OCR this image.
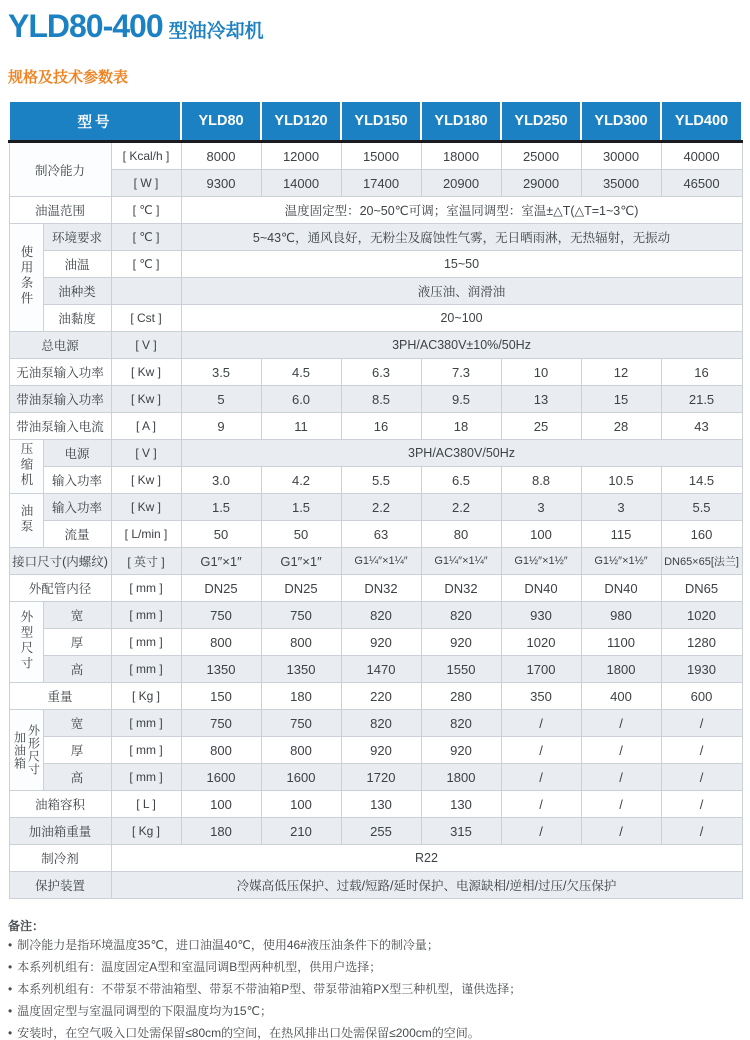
YLD80-400 型油冷却机
规格及技术参数表
型号			YLD80	YLD120	YLD150	YLD180	YLD250	YLD300	YLD400
制冷能力		[ Kcal/h ]	8000	12000	15000	18000	25000	30000	40000
		[ W ]	9300	14000	17400	20900	29000	35000	46500
油温范围		[ ℃ ]	温度固定型：20~50℃可调；室温同调型：室温±△T(△T=1~3℃)						
使用条件	环境要求	[ ℃ ]	5~43℃，通风良好，无粉尘及腐蚀性气雾，无日晒雨淋，无热辐射，无振动						
	油温	[ ℃ ]	15~50						
	油种类		液压油、润滑油						
	油黏度	[ Cst ]	20~100						
总电源		[ V ]	3PH/AC380V±10%/50Hz						
无油泵输入功率		[ Kw ]	3.5	4.5	6.3	7.3	10	12	16
带油泵输入功率		[ Kw ]	5	6.0	8.5	9.5	13	15	21.5
带油泵输入电流		[ A ]	9	11	16	18	25	28	43
压缩机	电源	[ V ]	3PH/AC380V/50Hz						
	输入功率	[ Kw ]	3.0	4.2	5.5	6.5	8.8	10.5	14.5
油泵	输入功率	[ Kw ]	1.5	1.5	2.2	2.2	3	3	5.5
	流量	[ L/min ]	50	50	63	80	100	115	160
接口尺寸(内螺纹)		[ 英寸 ]	G1″×1″	G1″×1″	G1¼″×1¼″	G1¼″×1¼″	G1½″×1½″	G1½″×1½″	DN65×65[法兰]
外配管内径		[ mm ]	DN25	DN25	DN32	DN32	DN40	DN40	DN65
外型尺寸	宽	[ mm ]	750	750	820	820	930	980	1020
	厚	[ mm ]	800	800	920	920	1020	1100	1280
	高	[ mm ]	1350	1350	1470	1550	1700	1800	1930
重量		[ Kg ]	150	180	220	280	350	400	600

加油箱 外形尺寸	宽	[ mm ]	750	750	820	820	/	/	/
	厚	[ mm ]	800	800	920	920	/	/	/
	高	[ mm ]	1600	1600	1720	1800	/	/	/
油箱容积		[ L ]	100	100	130	130	/	/	/
加油箱重量		[ Kg ]	180	210	255	315	/	/	/
制冷剂		R22							
保护装置		冷媒高低压保护、过载/短路/延时保护、电源缺相/逆相/过压/欠压保护							

备注：

• 制冷能力是指环境温度35℃，进口油温40℃，使用46#液压油条件下的制冷量；
• 本系列机组有：温度固定A型和室温同调B型两种机型，供用户选择；
• 本系列机组有：不带泵不带油箱型、带泵不带油箱P型、带泵带油箱PX型三种机型，谨供选择；
• 温度固定型与室温同调型的下限温度均为15℃；
• 安装时，在空气吸入口处需保留≤80cm的空间，在热风排出口处需保留≤200cm的空间。
